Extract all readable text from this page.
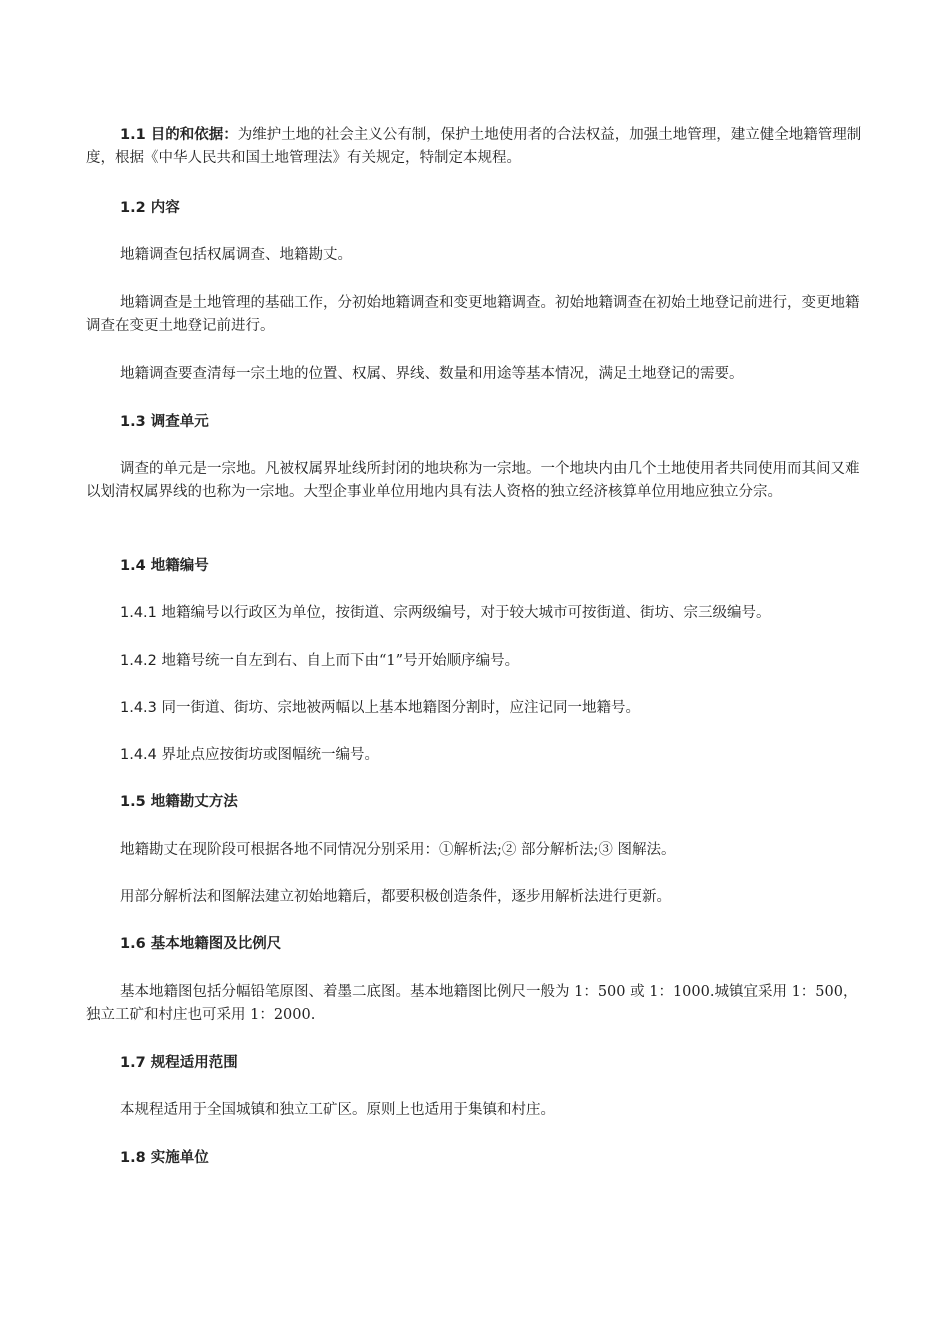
1.1 目的和依据：为维护土地的社会主义公有制，保护土地使用者的合法权益，加强土地管理，建立健全地籍管理制度，根据《中华人民共和国土地管理法》有关规定，特制定本规程。
1.2 内容
地籍调查包括权属调查、地籍勘丈。
地籍调查是土地管理的基础工作，分初始地籍调查和变更地籍调查。初始地籍调查在初始土地登记前进行，变更地籍调查在变更土地登记前进行。
地籍调查要查清每一宗土地的位置、权属、界线、数量和用途等基本情况，满足土地登记的需要。
1.3 调查单元
调查的单元是一宗地。凡被权属界址线所封闭的地块称为一宗地。一个地块内由几个土地使用者共同使用而其间又难以划清权属界线的也称为一宗地。大型企事业单位用地内具有法人资格的独立经济核算单位用地应独立分宗。
1.4 地籍编号
1.4.1 地籍编号以行政区为单位，按街道、宗两级编号，对于较大城市可按街道、街坊、宗三级编号。
1.4.2 地籍号统一自左到右、自上而下由“1”号开始顺序编号。
1.4.3 同一街道、街坊、宗地被两幅以上基本地籍图分割时，应注记同一地籍号。
1.4.4 界址点应按街坊或图幅统一编号。
1.5 地籍勘丈方法
地籍勘丈在现阶段可根据各地不同情况分别采用：①解析法;② 部分解析法;③ 图解法。
用部分解析法和图解法建立初始地籍后，都要积极创造条件，逐步用解析法进行更新。
1.6 基本地籍图及比例尺
基本地籍图包括分幅铅笔原图、着墨二底图。基本地籍图比例尺一般为 1：500 或 1：1000.城镇宜采用 1：500，独立工矿和村庄也可采用 1：2000.
1.7 规程适用范围
本规程适用于全国城镇和独立工矿区。原则上也适用于集镇和村庄。
1.8 实施单位
